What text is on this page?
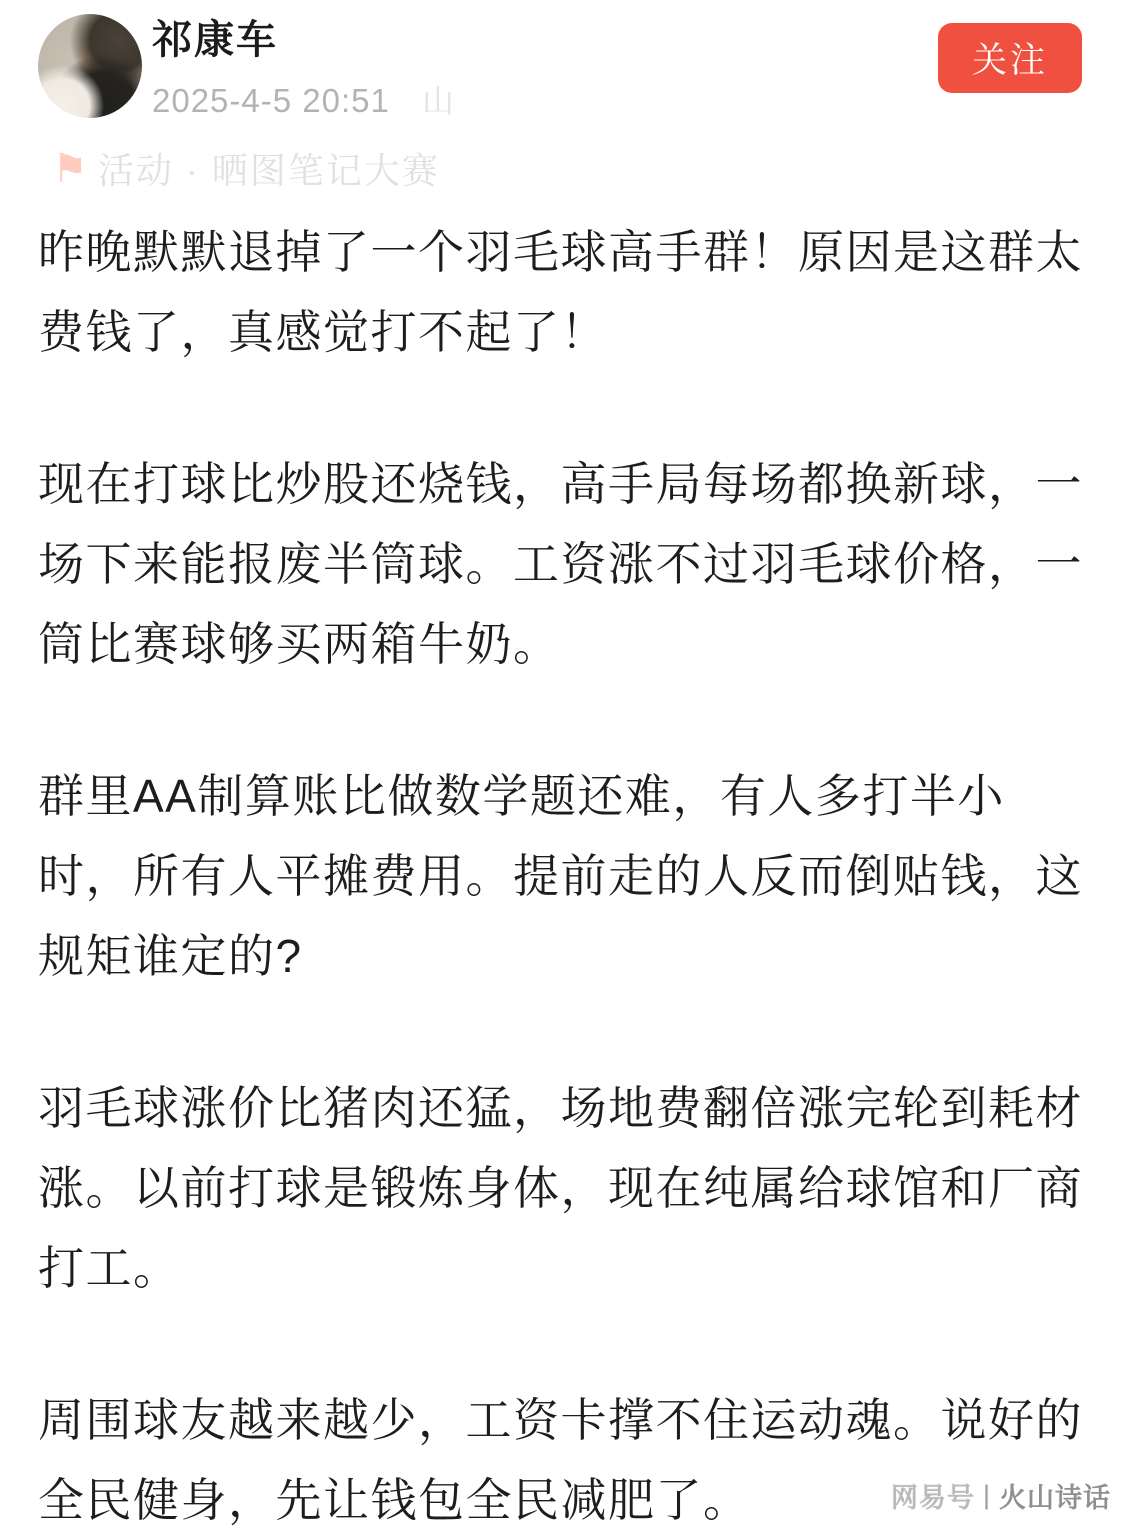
祁康车
2025-4-5 20:51 山
关注
⚑ 活动 · 晒图笔记大赛

昨晚默默退掉了一个羽毛球高手群！原因是这群太费钱了，真感觉打不起了！

现在打球比炒股还烧钱，高手局每场都换新球，一场下来能报废半筒球。工资涨不过羽毛球价格，一筒比赛球够买两箱牛奶。

群里AA制算账比做数学题还难，有人多打半小时，所有人平摊费用。提前走的人反而倒贴钱，这规矩谁定的?

羽毛球涨价比猪肉还猛，场地费翻倍涨完轮到耗材涨。以前打球是锻炼身体，现在纯属给球馆和厂商打工。

周围球友越来越少，工资卡撑不住运动魂。说好的全民健身，先让钱包全民减肥了。	网易号 | 火山诗话
